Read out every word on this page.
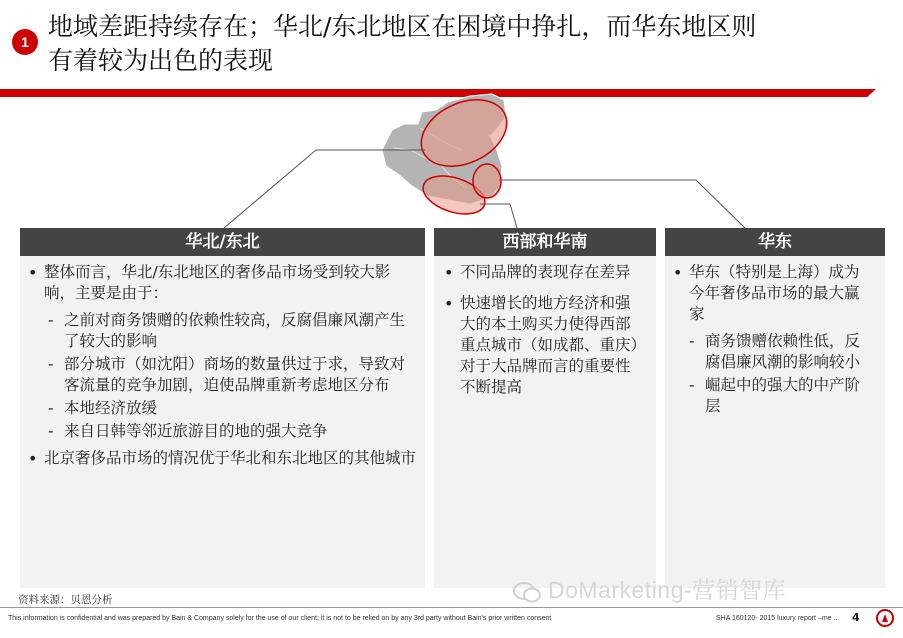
1
地域差距持续存在；华北/东北地区在困境中挣扎，而华东地区则
有着较为出色的表现
华北/东北
• 整体而言，华北/东北地区的奢侈品市场受到较大影响，主要是由于：
- 之前对商务馈赠的依赖性较高，反腐倡廉风潮产生了较大的影响
- 部分城市（如沈阳）商场的数量供过于求，导致对客流量的竞争加剧，迫使品牌重新考虑地区分布
- 本地经济放缓
- 来自日韩等邻近旅游目的地的强大竞争
• 北京奢侈品市场的情况优于华北和东北地区的其他城市
西部和华南
• 不同品牌的表现存在差异
• 快速增长的地方经济和强大的本土购买力使得西部重点城市（如成都、重庆）对于大品牌而言的重要性不断提高
华东
• 华东（特别是上海）成为今年奢侈品市场的最大赢家
- 商务馈赠依赖性低，反腐倡廉风潮的影响较小
- 崛起中的强大的中产阶层
资料来源：贝恩分析	DoMarketing-营销智库
This information is confidential and was prepared by Bain & Company solely for the use of our client; it is not to be relied on by any 3rd party without Bain's prior written consent	SHA 160120- 2015 luxury report –me ... 4
